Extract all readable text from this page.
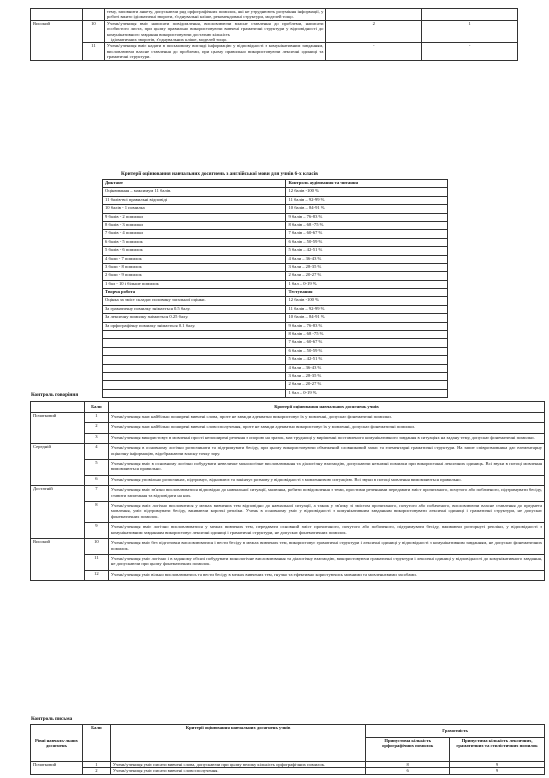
		тему, заповнити анкету, допускаючи ряд орфографічних помилок, які не утруднюють розуміння інформації, у роботі вжито ідіоматичні звороти, з'єднувальні кліше, рекомендовані структури, моделей тощо.		
Високий	10	Учень\учениця вміє написати повідомлення, висловлюючи власне ставлення до проблеми, написати особистого листа, при цьому правильно використовуючи вивчені граматичні структури у відповідності до комунікативного завдання використовуючи достатню кількість
ідіоматичних зворотів, з'єднувальних кліше, моделей тощо.	2	1
	11	Учень\учениця вміє надати в письмовому вигляді інформацію у відповідності з комунікативним завданням, висловлюючи власне ставлення до проблеми, при цьому правильно використовуючи лексичні одиниці та граматичні структури.	-	-
Критерії оцінювання навчальних досягнень з англійської мови для учнів 6-х класів
Диктант	Контроль аудіювання та читання
Оцінювання – максимум 11 балів.	12 балів -100 %
11 балів-всі правильні відповіді	11 балів – 92-99 %
10 балів - 1 помилка	10 балів – 84-91 %
9 балів - 2 помилки	9 балів – 76-83 %
8 балів - 3 помилки	8 балів – 68 -75 %
7 балів - 4 помилки	7 балів – 60-67 %
6 балів - 5 помилок	6 балів – 50-59 %
5 балів - 6 помилок	5 балів – 42-51 %
4 бали - 7 помилок	4 бали – 36-43 %
3 бали - 8 помилок	3 бали – 28-35 %
2 бали - 9 помилок	2 бали – 20-27 %
1 бал - 10 і більше помилок	1 бал – 0-19 %
Творча робота	Тестування
Оцінка за зміст складає половину загальної оцінки.	12 балів -100 %
За граматичну помилку знімається 0.5 балу.	11 балів – 92-99 %
За лексичну помилку знімається 0.25 балу.	10 балів – 84-91 %
За орфографічну помилку знімається 0.1 балу.	9 балів – 76-83 %
	8 балів – 68 -75 %
	7 балів – 60-67 %
	6 балів – 50-59 %
	5 балів – 42-51 %
	4 бали – 36-43 %
	3 бали – 28-35 %
	2 бали – 20-27 %
	1 бал – 0-19 %
Контроль говоріння
	Бали	Критерії оцінювання навчальних досягнень учнів
Початковий	1	Учень\учениця знає найбільш поширені вивчені слова, проте не завжди адекватно використовує їх у мовленні, допускає фонематичні помилки.
	2	Учень\учениця знає найбільш поширені вивчені словосполучення, проте не завжди адекватно використовує їх у мовленні, допускає фонематичні помилки.
	3	Учень\учениця використовує в мовленні прості непоширені речення з опорою на зразок, має труднощі у вирішенні поставленого комунікативного завдання в ситуаціях на задану тему, допускає фонематичні помилки.
Середній	4	Учень\учениця в основному логічно розпочинати та підтримувати бесіду, при цьому використовуючи обмежений словниковий запас та елементарні граматичні структури. На запит співрозмовника дає елементарну оціночну інформацію, відображаючи власну точку зору.
	5	Учень\учениця вміє в основному логічно побудувати невеличке монологічне висловлювання та діалогічну взаємодію, допускаючи незначні помилки при використанні лексичних одиниць. Всі звуки в потоці мовлення вимовляються правильно.
	6	Учень\учениця уповільно розпочинає, підтримує, відновлює та закінчує розмову у відповідності з мовленнєвою ситуацією. Всі звуки в потоці мовлення вимовляються правильно.
Достатній	7	Учень\учениця вміє зв'язно висловлюватися відповідно до навчальної ситуації, малюнка, робити повідомлення з теми, простими реченнями передавати зміст прочитаного, почутого або побаченого, підтримувати бесіду, ставити запитання та відповідати на них.
	8	Учень\учениця вміє логічно висловитися у межах вивчених тем відповідно до навчальної ситуації, а також у зв'язку зі змістом прочитаного, почутого або побаченого, висловлюючи власне ставлення до предмета мовлення, уміє підтримувати бесіду, вживаючи короткі репліки. Учень в основному уміє у відповідності з комунікативним завданням використовувати лексичні одиниці і граматичні структури, не допускає фонематичних помилок.
	9	Учень\учениця вміє логічно висловлюватися у межах вивчених тем, передавати основний зміст прочитаного, почутого або побаченого, підтримувати бесіду, вживаючи розгорнуті репліки, у відповідності з комунікативним завданням використовує лексичні одиниці і граматичні структури, не допускає фонематичних помилок.
Високий	10	Учень\учениця вміє без підготовки висловлюватися і вести бесіду в межах вивчених тем, використовує граматичні структури і лексичні одиниці у відповідності з комунікативним завданням, не допускає фонематичних помилок.
	11	Учень\учениця уміє логічно і в заданому обсязі побудувати монологічне висловлювання та діалогічну взаємодію, використовуючи граматичні структури і лексичні одиниці у відповідності до комунікативного завдання, не допускаючи при цьому фонематичних помилок.
	12	Учень\учениця уміє вільно висловлюватись та вести бесіду в межах вивчених тем, гнучко та ефективно користуючись мовними та мовленнєвими засобами.
Контроль письма
Рівні навчаль-льних досягнень	Бали	Критерії оцінювання навчальних досягнень учнів	Грамотність	
			Припустима кількість орфографічних помилок	Припустима кількість лексичних, граматичних та стилістичних помилок
Початковий	1	Учень\учениця уміє писати вивчені слова, допускаючи при цьому велику кількість орфографічних помилок.	8	9
	2	Учень\учениця уміє писати вивчені словосполучення.	6	9
